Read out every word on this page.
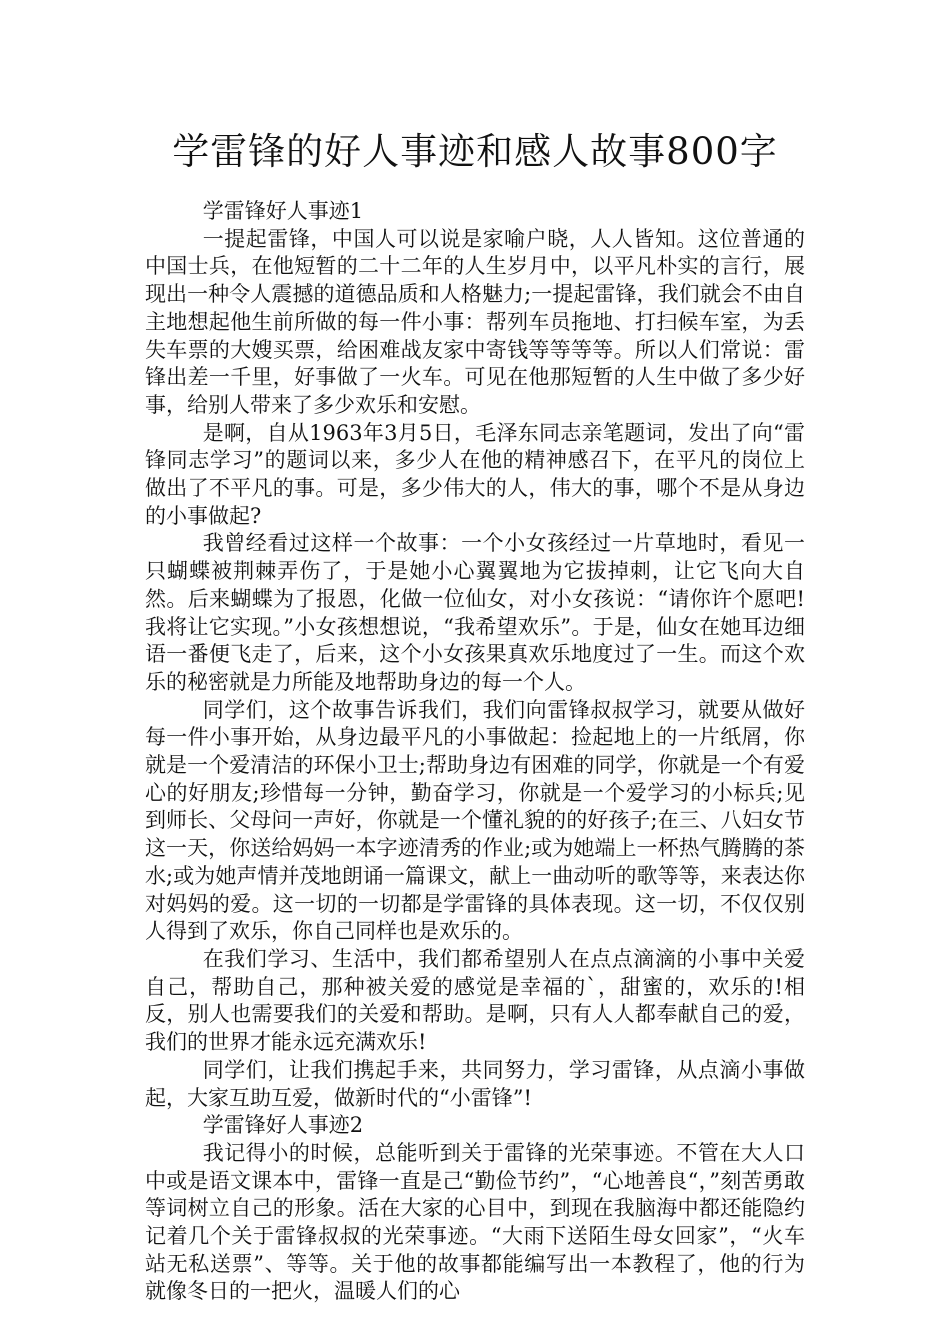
学雷锋的好人事迹和感人故事800字

学雷锋好人事迹1

一提起雷锋，中国人可以说是家喻户晓，人人皆知。这位普通的中国士兵，在他短暂的二十二年的人生岁月中，以平凡朴实的言行，展现出一种令人震撼的道德品质和人格魅力;一提起雷锋，我们就会不由自主地想起他生前所做的每一件小事：帮列车员拖地、打扫候车室，为丢失车票的大嫂买票，给困难战友家中寄钱等等等等。所以人们常说：雷锋出差一千里，好事做了一火车。可见在他那短暂的人生中做了多少好事，给别人带来了多少欢乐和安慰。

是啊，自从1963年3月5日，毛泽东同志亲笔题词，发出了向“雷锋同志学习”的题词以来，多少人在他的精神感召下，在平凡的岗位上做出了不平凡的事。可是，多少伟大的人，伟大的事，哪个不是从身边的小事做起?

我曾经看过这样一个故事：一个小女孩经过一片草地时，看见一只蝴蝶被荆棘弄伤了，于是她小心翼翼地为它拔掉刺，让它飞向大自然。后来蝴蝶为了报恩，化做一位仙女，对小女孩说：“请你许个愿吧!我将让它实现。”小女孩想想说，“我希望欢乐”。于是，仙女在她耳边细语一番便飞走了，后来，这个小女孩果真欢乐地度过了一生。而这个欢乐的秘密就是力所能及地帮助身边的每一个人。

同学们，这个故事告诉我们，我们向雷锋叔叔学习，就要从做好每一件小事开始，从身边最平凡的小事做起：捡起地上的一片纸屑，你就是一个爱清洁的环保小卫士;帮助身边有困难的同学，你就是一个有爱心的好朋友;珍惜每一分钟，勤奋学习，你就是一个爱学习的小标兵;见到师长、父母问一声好，你就是一个懂礼貌的的好孩子;在三、八妇女节这一天，你送给妈妈一本字迹清秀的作业;或为她端上一杯热气腾腾的茶水;或为她声情并茂地朗诵一篇课文，献上一曲动听的歌等等，来表达你对妈妈的爱。这一切的一切都是学雷锋的具体表现。这一切，不仅仅别人得到了欢乐，你自己同样也是欢乐的。

在我们学习、生活中，我们都希望别人在点点滴滴的小事中关爱自己，帮助自己，那种被关爱的感觉是幸福的`，甜蜜的，欢乐的!相反，别人也需要我们的关爱和帮助。是啊，只有人人都奉献自己的爱，我们的世界才能永远充满欢乐!

同学们，让我们携起手来，共同努力，学习雷锋，从点滴小事做起，大家互助互爱，做新时代的“小雷锋”!

学雷锋好人事迹2

我记得小的时候，总能听到关于雷锋的光荣事迹。不管在大人口中或是语文课本中，雷锋一直是己“勤俭节约”，“心地善良“，”刻苦勇敢等词树立自己的形象。活在大家的心目中，到现在我脑海中都还能隐约记着几个关于雷锋叔叔的光荣事迹。“大雨下送陌生母女回家”，“火车站无私送票”、等等。关于他的故事都能编写出一本教程了，他的行为就像冬日的一把火，温暖人们的心
